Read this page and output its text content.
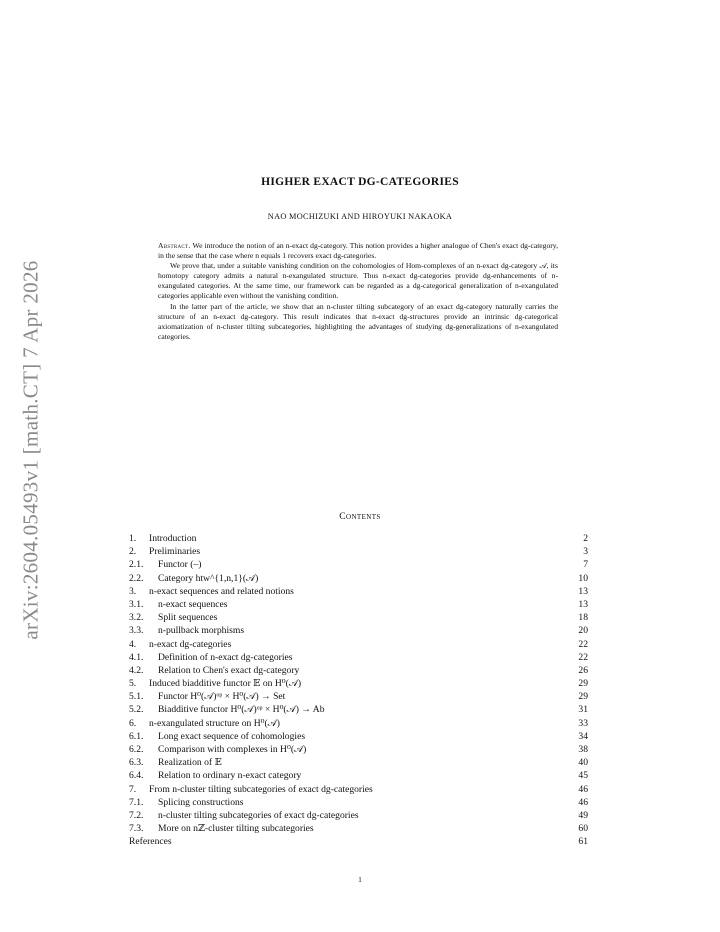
arXiv:2604.05493v1 [math.CT] 7 Apr 2026
HIGHER EXACT DG-CATEGORIES
NAO MOCHIZUKI AND HIROYUKI NAKAOKA

Abstract. We introduce the notion of an n-exact dg-category. This notion provides a higher analogue of Chen's exact dg-category, in the sense that the case where n equals 1 recovers exact dg-categories.

We prove that, under a suitable vanishing condition on the cohomologies of Hom-complexes of an n-exact dg-category 𝒜, its homotopy category admits a natural n-exangulated structure. Thus n-exact dg-categories provide dg-enhancements of n-exangulated categories. At the same time, our framework can be regarded as a dg-categorical generalization of n-exangulated categories applicable even without the vanishing condition.

In the latter part of the article, we show that an n-cluster tilting subcategory of an exact dg-category naturally carries the structure of an n-exact dg-category. This result indicates that n-exact dg-structures provide an intrinsic dg-categorical axiomatization of n-cluster tilting subcategories, highlighting the advantages of studying dg-generalizations of n-exangulated categories.

Contents
1. Introduction	2
2. Preliminaries	3
2.1. Functor (‒)	7
2.2. Category htw^{1,n,1}(𝒜)	10
3. n-exact sequences and related notions	13
3.1. n-exact sequences	13
3.2. Split sequences	18
3.3. n-pullback morphisms	20
4. n-exact dg-categories	22
4.1. Definition of n-exact dg-categories	22
4.2. Relation to Chen's exact dg-category	26
5. Induced biadditive functor 𝔼 on H⁰(𝒜)	29
5.1. Functor H⁰(𝒜)ᵒᵖ × H⁰(𝒜) → Set	29
5.2. Biadditive functor H⁰(𝒜)ᵒᵖ × H⁰(𝒜) → Ab	31
6. n-exangulated structure on H⁰(𝒜)	33
6.1. Long exact sequence of cohomologies	34
6.2. Comparison with complexes in H⁰(𝒜)	38
6.3. Realization of 𝔼	40
6.4. Relation to ordinary n-exact category	45
7. From n-cluster tilting subcategories of exact dg-categories	46
7.1. Splicing constructions	46
7.2. n-cluster tilting subcategories of exact dg-categories	49
7.3. More on nℤ-cluster tilting subcategories	60
References	61
1
